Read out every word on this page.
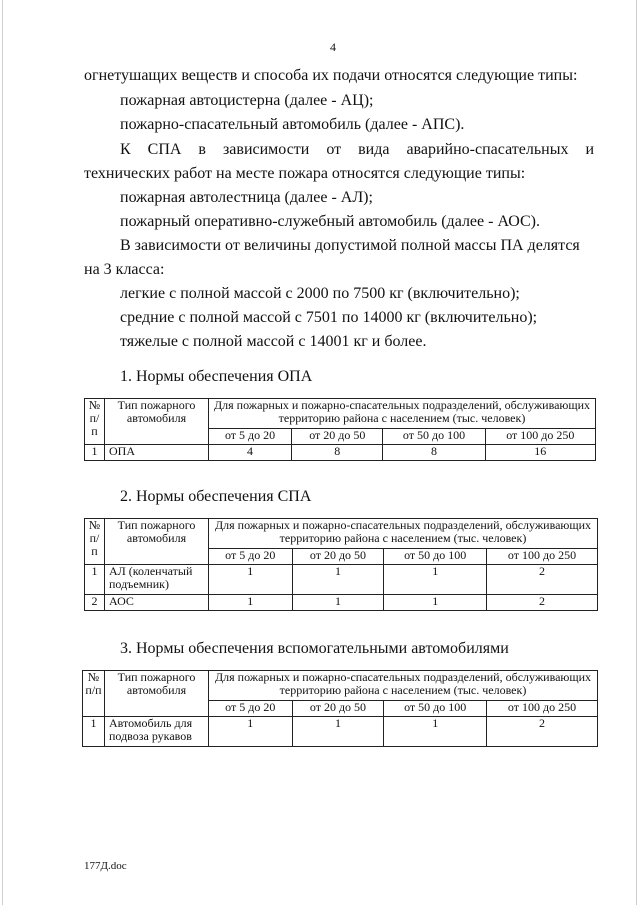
4
огнетушащих веществ и способа их подачи относятся следующие типы:
пожарная автоцистерна (далее - АЦ);
пожарно-спасательный автомобиль (далее - АПС).
К СПА в зависимости от вида аварийно-спасательных и
технических работ на месте пожара относятся следующие типы:
пожарная автолестница (далее - АЛ);
пожарный оперативно-служебный автомобиль (далее - АОС).
В зависимости от величины допустимой полной массы ПА делятся
на 3 класса:
легкие с полной массой с 2000 по 7500 кг (включительно);
средние с полной массой с 7501 по 14000 кг (включительно);
тяжелые с полной массой с 14001 кг и более.
1. Нормы обеспечения ОПА
№ п/п	Тип пожарного автомобиля	Для пожарных и пожарно-спасательных подразделений, обслуживающих территорию района с населением (тыс. человек)			
		от 5 до 20	от 20 до 50	от 50 до 100	от 100 до 250
1	ОПА	4	8	8	16
2. Нормы обеспечения СПА
№ п/п	Тип пожарного автомобиля	Для пожарных и пожарно-спасательных подразделений, обслуживающих территорию района с населением (тыс. человек)			
		от 5 до 20	от 20 до 50	от 50 до 100	от 100 до 250
1	АЛ (коленчатый подъемник)	1	1	1	2
2	АОС	1	1	1	2
3. Нормы обеспечения вспомогательными автомобилями
№ п/п	Тип пожарного автомобиля	Для пожарных и пожарно-спасательных подразделений, обслуживающих территорию района с населением (тыс. человек)			
		от 5 до 20	от 20 до 50	от 50 до 100	от 100 до 250
1	Автомобиль для подвоза рукавов	1	1	1	2
177Д.doc
